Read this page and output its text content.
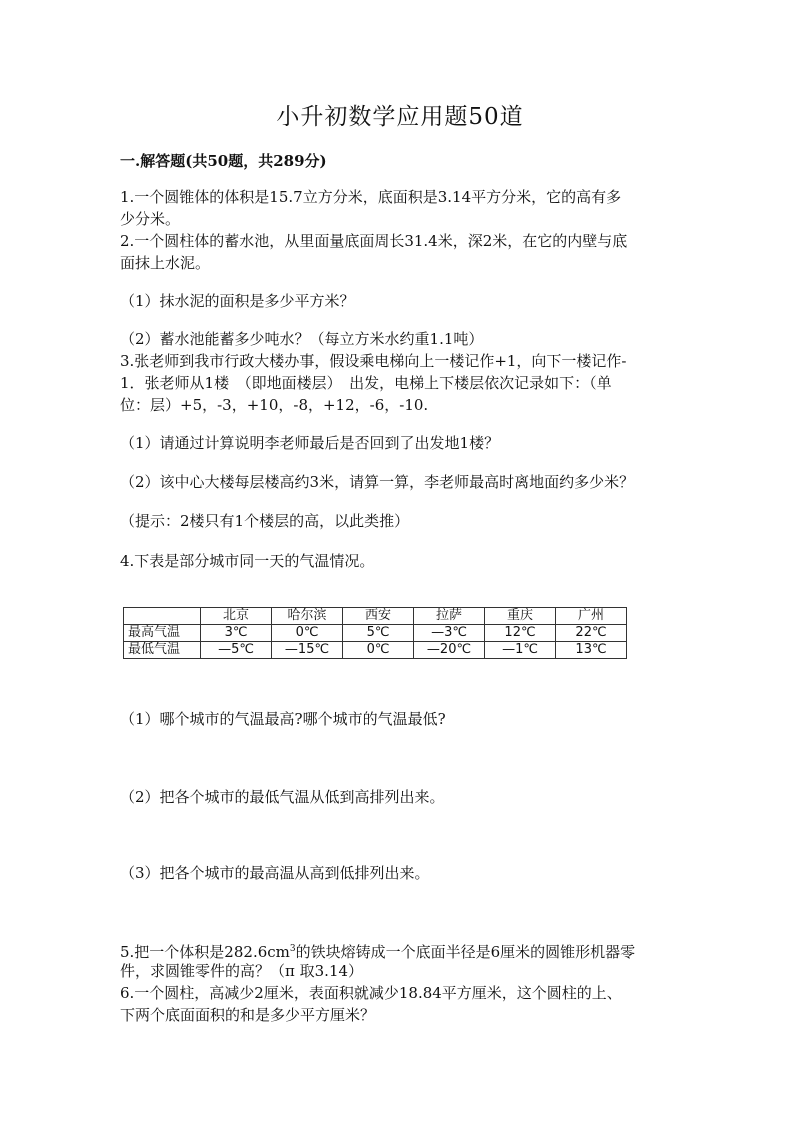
小升初数学应用题50道
一.解答题(共50题，共289分)
1.一个圆锥体的体积是15.7立方分米，底面积是3.14平方分米，它的高有多
少分米。
2.一个圆柱体的蓄水池，从里面量底面周长31.4米，深2米，在它的内壁与底
面抹上水泥。
（1）抹水泥的面积是多少平方米？
（2）蓄水池能蓄多少吨水？（每立方米水约重1.1吨）
3.张老师到我市行政大楼办事，假设乘电梯向上一楼记作+1，向下一楼记作-
1．张老师从1楼　（即地面楼层）　出发，电梯上下楼层依次记录如下：（单
位：层）+5，-3，+10，-8，+12，-6，-10.
（1）请通过计算说明李老师最后是否回到了出发地1楼？
（2）该中心大楼每层楼高约3米，请算一算，李老师最高时离地面约多少米？
（提示：2楼只有1个楼层的高，以此类推）
4.下表是部分城市同一天的气温情况。
	北京	哈尔滨	西安	拉萨	重庆	广州
最高气温	3℃	0℃	5℃	—3℃	12℃	22℃
最低气温	—5℃	—15℃	0℃	—20℃	—1℃	13℃
（1）哪个城市的气温最高?哪个城市的气温最低?
（2）把各个城市的最低气温从低到高排列出来。
（3）把各个城市的最高温从高到低排列出来。
5.把一个体积是$282.6cm^3$的铁块熔铸成一个底面半径是6厘米的圆锥形机器零
件，求圆锥零件的高？（π 取3.14）
6.一个圆柱，高减少2厘米，表面积就减少18.84平方厘米，这个圆柱的上、
下两个底面面积的和是多少平方厘米？
